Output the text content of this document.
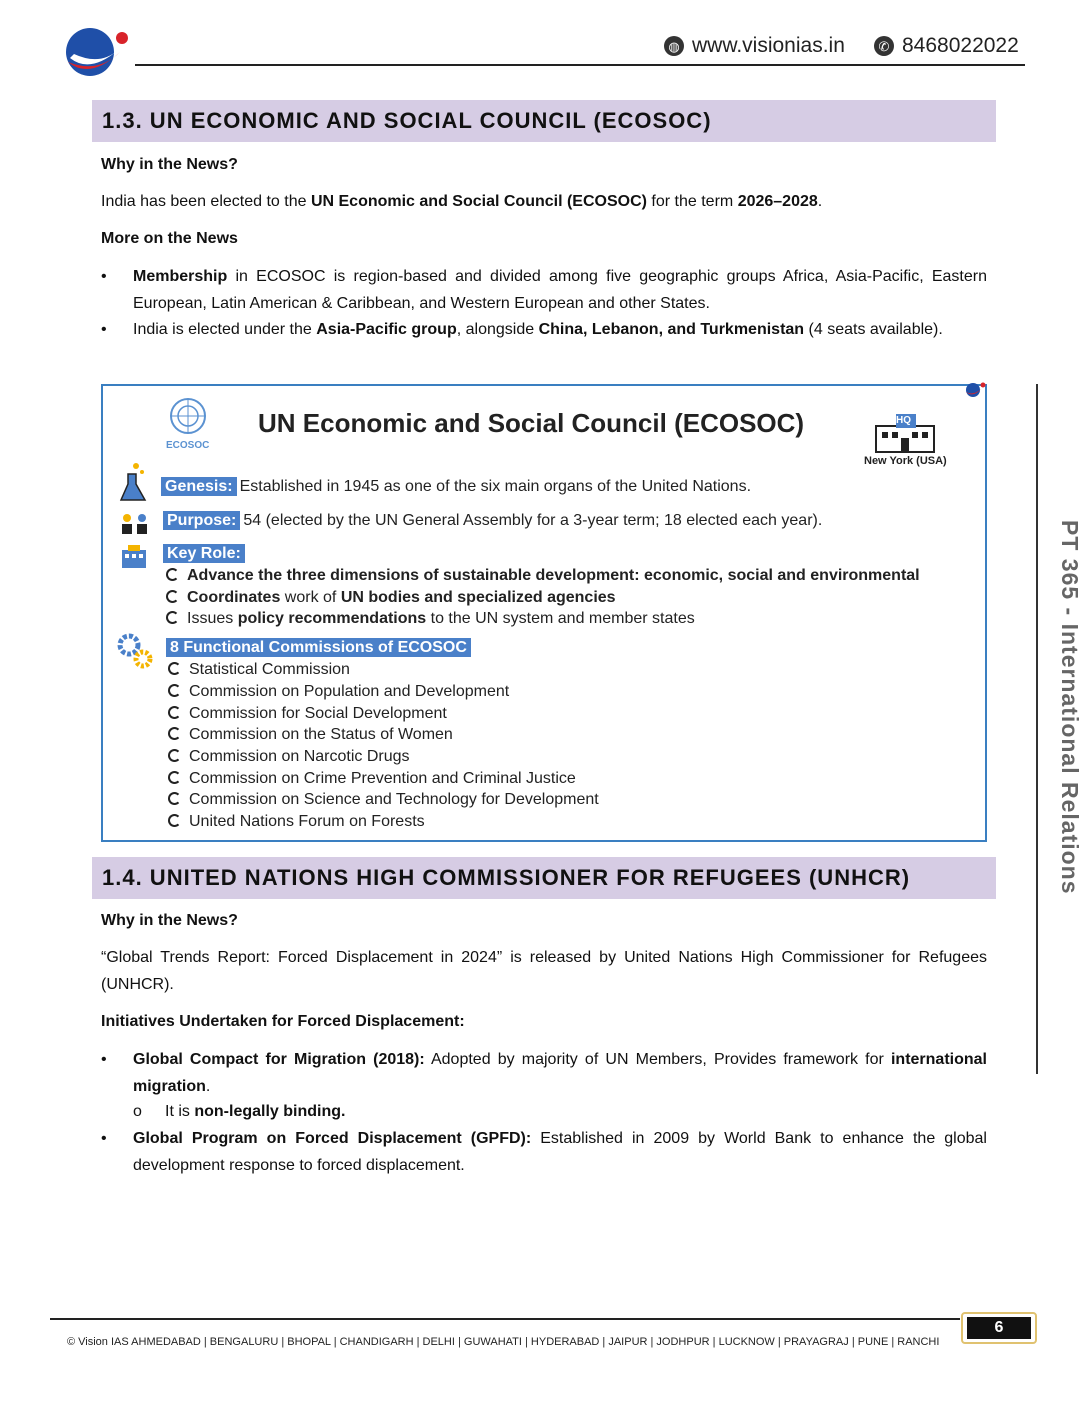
◍ www.visionias.in	✆ 8468022022
1.3. UN ECONOMIC AND SOCIAL COUNCIL (ECOSOC)
Why in the News?
India has been elected to the UN Economic and Social Council (ECOSOC) for the term 2026–2028.
More on the News
• Membership in ECOSOC is region-based and divided among five geographic groups Africa, Asia-Pacific, Eastern European, Latin American & Caribbean, and Western European and other States.
• India is elected under the Asia-Pacific group, alongside China, Lebanon, and Turkmenistan (4 seats available).
ECOSOC
UN Economic and Social Council (ECOSOC)	HQ
New York (USA)
Genesis: Established in 1945 as one of the six main organs of the United Nations.
Purpose: 54 (elected by the UN General Assembly for a 3-year term; 18 elected each year).
Key Role:
Advance the three dimensions of sustainable development: economic, social and environmental
Coordinates work of UN bodies and specialized agencies
Issues policy recommendations to the UN system and member states
8 Functional Commissions of ECOSOC
Statistical Commission
Commission on Population and Development
Commission for Social Development
Commission on the Status of Women
Commission on Narcotic Drugs
Commission on Crime Prevention and Criminal Justice
Commission on Science and Technology for Development
United Nations Forum on Forests
1.4. UNITED NATIONS HIGH COMMISSIONER FOR REFUGEES (UNHCR)
Why in the News?
“Global Trends Report: Forced Displacement in 2024” is released by United Nations High Commissioner for Refugees (UNHCR).
Initiatives Undertaken for Forced Displacement:
• Global Compact for Migration (2018): Adopted by majority of UN Members, Provides framework for international migration.
o It is non-legally binding.
• Global Program on Forced Displacement (GPFD): Established in 2009 by World Bank to enhance the global development response to forced displacement.
PT 365 - International Relations
© Vision IAS AHMEDABAD | BENGALURU | BHOPAL | CHANDIGARH | DELHI | GUWAHATI | HYDERABAD | JAIPUR | JODHPUR | LUCKNOW | PRAYAGRAJ | PUNE | RANCHI
6
